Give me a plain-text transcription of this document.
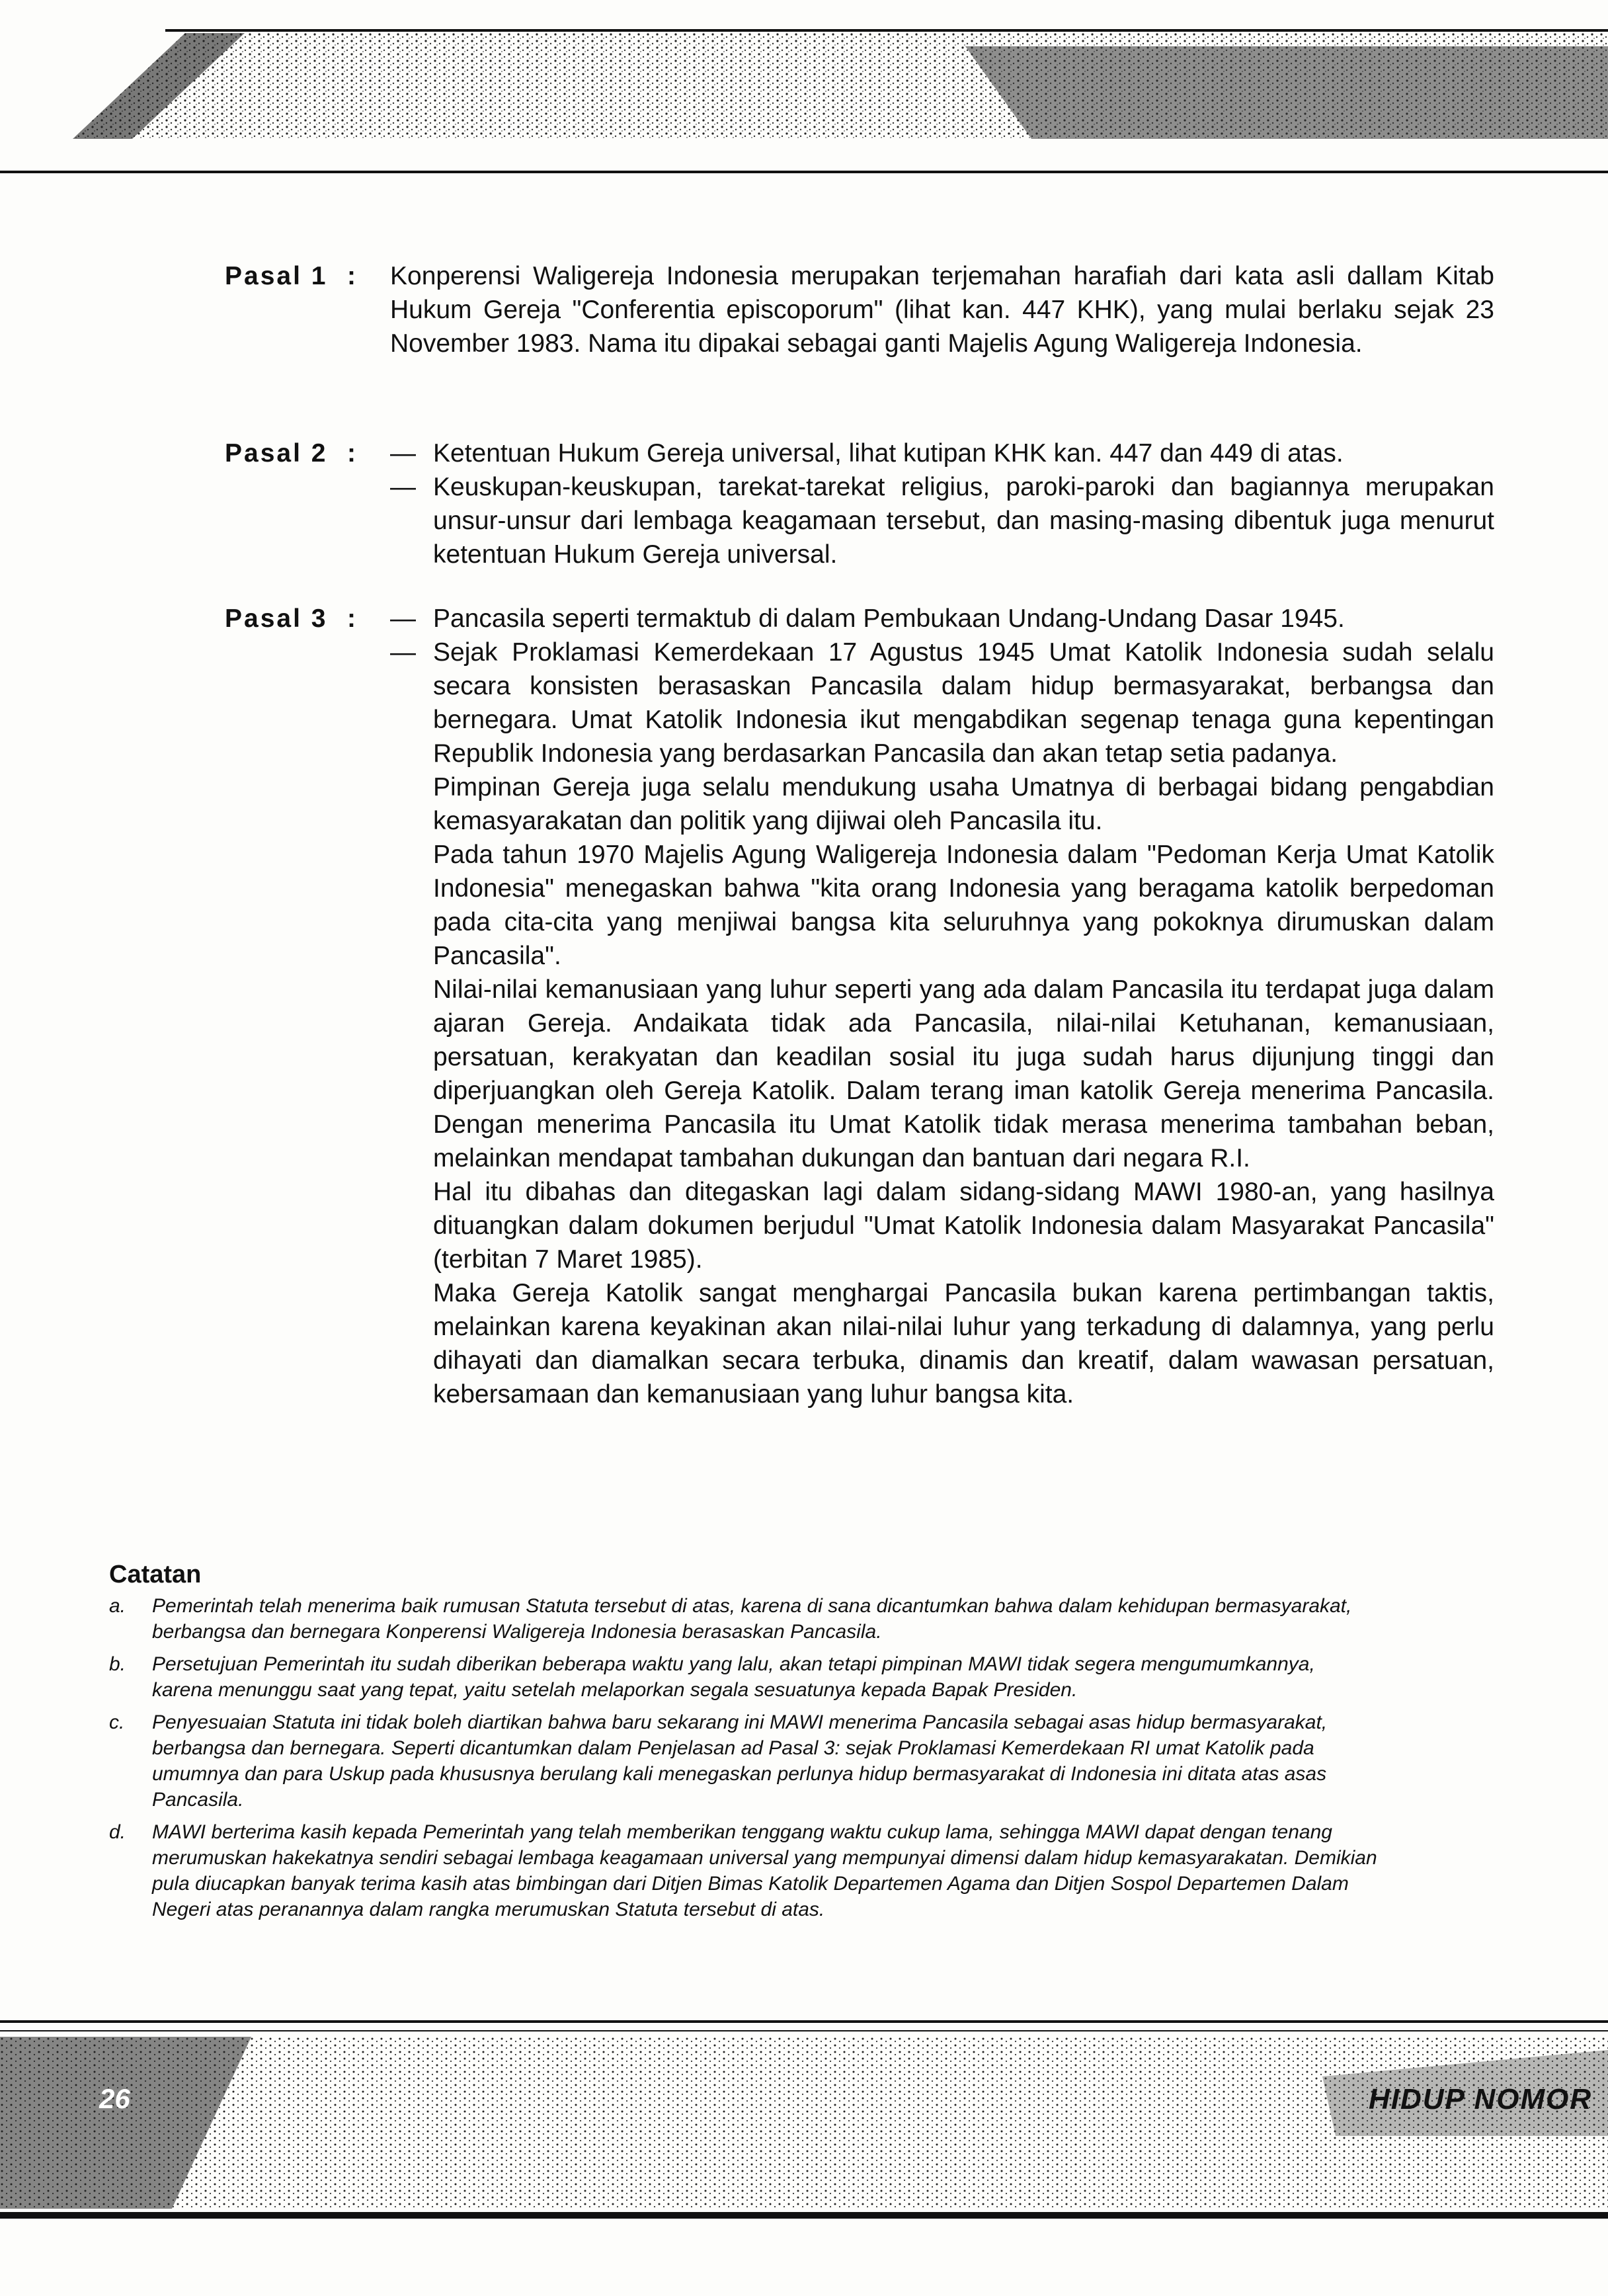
Pasal 1 : Konperensi Waligereja Indonesia merupakan terjemahan harafiah dari kata asli dallam Kitab Hukum Gereja "Conferentia episcoporum" (lihat kan. 447 KHK), yang mulai berlaku sejak 23 November 1983. Nama itu dipakai sebagai ganti Majelis Agung Waligereja Indonesia.
Pasal 2 : — Ketentuan Hukum Gereja universal, lihat kutipan KHK kan. 447 dan 449 di atas.
— Keuskupan-keuskupan, tarekat-tarekat religius, paroki-paroki dan bagiannya merupakan unsur-unsur dari lembaga keagamaan tersebut, dan masing-masing dibentuk juga menurut ketentuan Hukum Gereja universal.
Pasal 3 : — Pancasila seperti termaktub di dalam Pembukaan Undang-Undang Dasar 1945.
— Sejak Proklamasi Kemerdekaan 17 Agustus 1945 Umat Katolik Indonesia sudah selalu secara konsisten berasaskan Pancasila dalam hidup bermasyarakat, berbangsa dan bernegara. Umat Katolik Indonesia ikut mengabdikan segenap tenaga guna kepentingan Republik Indonesia yang berdasarkan Pancasila dan akan tetap setia padanya.
Pimpinan Gereja juga selalu mendukung usaha Umatnya di berbagai bidang pengabdian kemasyarakatan dan politik yang dijiwai oleh Pancasila itu.
Pada tahun 1970 Majelis Agung Waligereja Indonesia dalam "Pedoman Kerja Umat Katolik Indonesia" menegaskan bahwa "kita orang Indonesia yang beragama katolik berpedoman pada cita-cita yang menjiwai bangsa kita seluruhnya yang pokoknya dirumuskan dalam Pancasila".
Nilai-nilai kemanusiaan yang luhur seperti yang ada dalam Pancasila itu terdapat juga dalam ajaran Gereja. Andaikata tidak ada Pancasila, nilai-nilai Ketuhanan, kemanusiaan, persatuan, kerakyatan dan keadilan sosial itu juga sudah harus dijunjung tinggi dan diperjuangkan oleh Gereja Katolik. Dalam terang iman katolik Gereja menerima Pancasila. Dengan menerima Pancasila itu Umat Katolik tidak merasa menerima tambahan beban, melainkan mendapat tambahan dukungan dan bantuan dari negara R.I.
Hal itu dibahas dan ditegaskan lagi dalam sidang-sidang MAWI 1980-an, yang hasilnya dituangkan dalam dokumen berjudul "Umat Katolik Indonesia dalam Masyarakat Pancasila" (terbitan 7 Maret 1985).
Maka Gereja Katolik sangat menghargai Pancasila bukan karena pertimbangan taktis, melainkan karena keyakinan akan nilai-nilai luhur yang terkadung di dalamnya, yang perlu dihayati dan diamalkan secara terbuka, dinamis dan kreatif, dalam wawasan persatuan, kebersamaan dan kemanusiaan yang luhur bangsa kita.
Catatan
a.	Pemerintah telah menerima baik rumusan Statuta tersebut di atas, karena di sana dicantumkan bahwa dalam kehidupan bermasyarakat, berbangsa dan bernegara Konperensi Waligereja Indonesia berasaskan Pancasila.
b.	Persetujuan Pemerintah itu sudah diberikan beberapa waktu yang lalu, akan tetapi pimpinan MAWI tidak segera mengumumkannya, karena menunggu saat yang tepat, yaitu setelah melaporkan segala sesuatunya kepada Bapak Presiden.
c.	Penyesuaian Statuta ini tidak boleh diartikan bahwa baru sekarang ini MAWI menerima Pancasila sebagai asas hidup bermasyarakat, berbangsa dan bernegara. Seperti dicantumkan dalam Penjelasan ad Pasal 3: sejak Proklamasi Kemerdekaan RI umat Katolik pada umumnya dan para Uskup pada khususnya berulang kali menegaskan perlunya hidup bermasyarakat di Indonesia ini ditata atas asas Pancasila.
d.	MAWI berterima kasih kepada Pemerintah yang telah memberikan tenggang waktu cukup lama, sehingga MAWI dapat dengan tenang merumuskan hakekatnya sendiri sebagai lembaga keagamaan universal yang mempunyai dimensi dalam hidup kemasyarakatan. Demikian pula diucapkan banyak terima kasih atas bimbingan dari Ditjen Bimas Katolik Departemen Agama dan Ditjen Sospol Departemen Dalam Negeri atas peranannya dalam rangka merumuskan Statuta tersebut di atas.
26	HIDUP NOMOR
